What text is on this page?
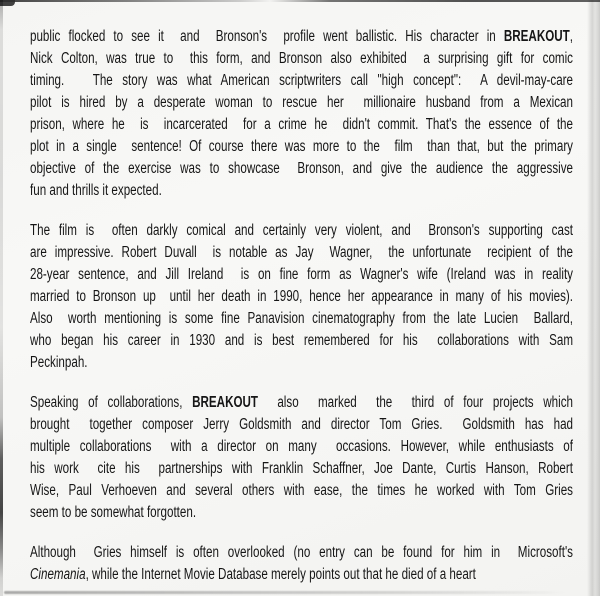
public flocked to see it  and  Bronson's  profile went ballistic. His character in BREAKOUT,
Nick Colton, was true to  this form, and Bronson also exhibited  a surprising gift for comic
timing.   The story was what American scriptwriters call "high concept":  A devil-may-care
pilot is hired by a desperate woman to rescue her  millionaire husband from a Mexican
prison, where he  is  incarcerated  for a crime he  didn't commit. That's the essence of the
plot in a single  sentence! Of course there was more to the  film  than that, but the primary
objective of the exercise was to showcase  Bronson, and give the audience the aggressive
fun and thrills it expected.
The film is  often darkly comical and certainly very violent, and  Bronson's supporting cast
are impressive. Robert Duvall  is notable as Jay  Wagner,  the unfortunate  recipient of the
28-year sentence, and Jill Ireland  is on fine form as Wagner's wife (Ireland was in reality
married to Bronson up  until her death in 1990, hence her appearance in many of his movies).
Also  worth mentioning is some fine Panavision cinematography from the late Lucien  Ballard,
who began his career in 1930 and is best remembered for his  collaborations with Sam
Peckinpah.
Speaking of collaborations, BREAKOUT  also  marked  the  third of four projects which
brought  together composer Jerry Goldsmith and director Tom Gries.  Goldsmith has had
multiple collaborations  with a director on many  occasions. However, while enthusiasts of
his work  cite his  partnerships with Franklin Schaffner, Joe Dante, Curtis Hanson, Robert
Wise, Paul Verhoeven and several others with ease, the times he worked with Tom Gries
seem to be somewhat forgotten.
Although  Gries himself is often overlooked (no entry can be found for him in  Microsoft's
Cinemania, while the Internet Movie Database merely points out that he died of a heart
